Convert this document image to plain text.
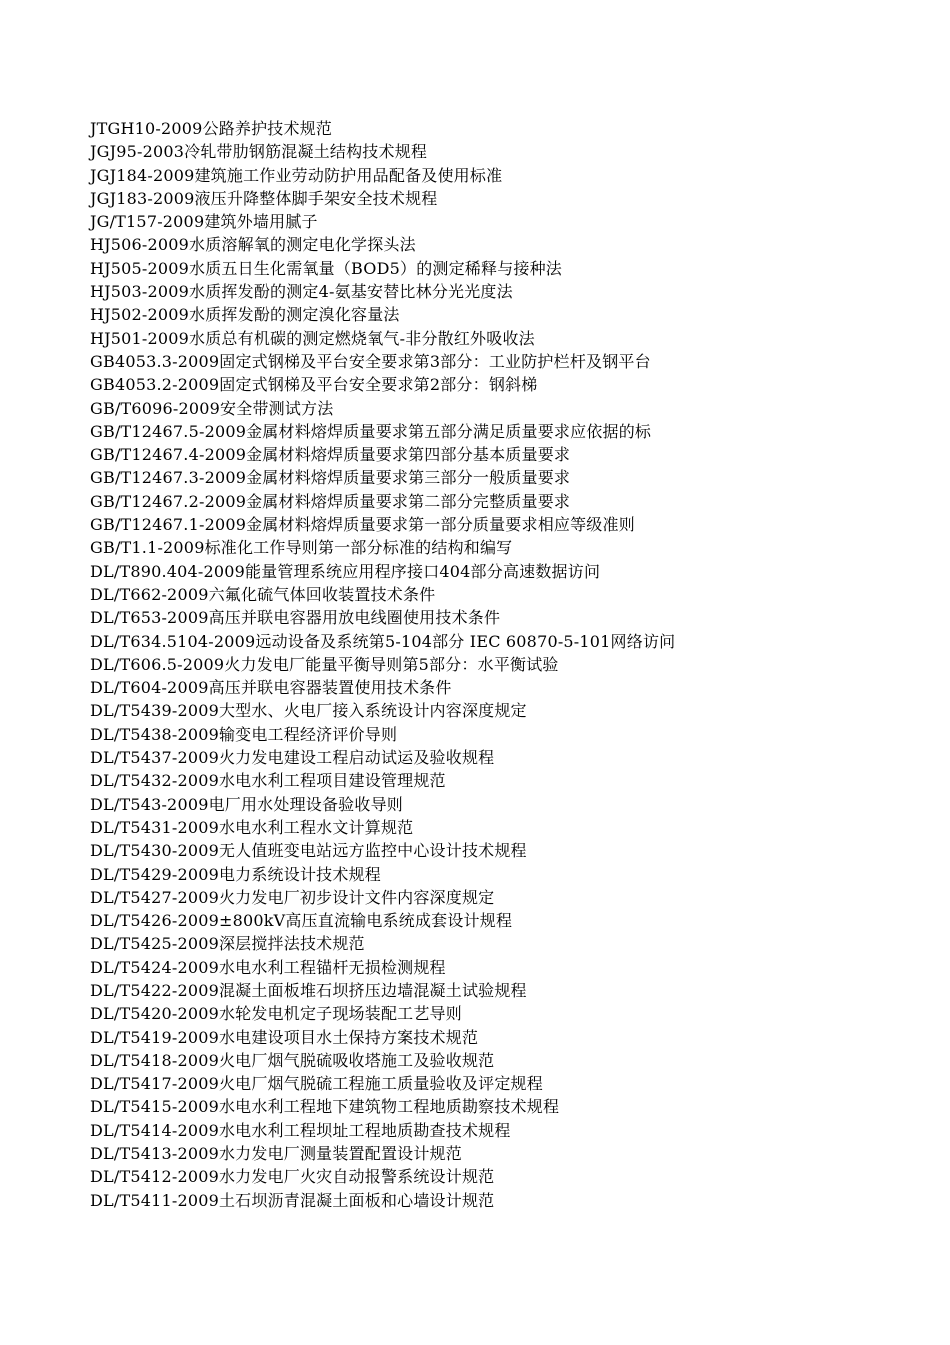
JTGH10-2009公路养护技术规范
JGJ95-2003冷轧带肋钢筋混凝土结构技术规程
JGJ184-2009建筑施工作业劳动防护用品配备及使用标准
JGJ183-2009液压升降整体脚手架安全技术规程
JG/T157-2009建筑外墙用腻子
HJ506-2009水质溶解氧的测定电化学探头法
HJ505-2009水质五日生化需氧量（BOD5）的测定稀释与接种法
HJ503-2009水质挥发酚的测定4-氨基安替比林分光光度法
HJ502-2009水质挥发酚的测定溴化容量法
HJ501-2009水质总有机碳的测定燃烧氧气-非分散红外吸收法
GB4053.3-2009固定式钢梯及平台安全要求第3部分：工业防护栏杆及钢平台
GB4053.2-2009固定式钢梯及平台安全要求第2部分：钢斜梯
GB/T6096-2009安全带测试方法
GB/T12467.5-2009金属材料熔焊质量要求第五部分满足质量要求应依据的标
GB/T12467.4-2009金属材料熔焊质量要求第四部分基本质量要求
GB/T12467.3-2009金属材料熔焊质量要求第三部分一般质量要求
GB/T12467.2-2009金属材料熔焊质量要求第二部分完整质量要求
GB/T12467.1-2009金属材料熔焊质量要求第一部分质量要求相应等级准则
GB/T1.1-2009标准化工作导则第一部分标准的结构和编写
DL/T890.404-2009能量管理系统应用程序接口404部分高速数据访问
DL/T662-2009六氟化硫气体回收装置技术条件
DL/T653-2009高压并联电容器用放电线圈使用技术条件
DL/T634.5104-2009远动设备及系统第5-104部分 IEC 60870-5-101网络访问
DL/T606.5-2009火力发电厂能量平衡导则第5部分：水平衡试验
DL/T604-2009高压并联电容器装置使用技术条件
DL/T5439-2009大型水、火电厂接入系统设计内容深度规定
DL/T5438-2009输变电工程经济评价导则
DL/T5437-2009火力发电建设工程启动试运及验收规程
DL/T5432-2009水电水利工程项目建设管理规范
DL/T543-2009电厂用水处理设备验收导则
DL/T5431-2009水电水利工程水文计算规范
DL/T5430-2009无人值班变电站远方监控中心设计技术规程
DL/T5429-2009电力系统设计技术规程
DL/T5427-2009火力发电厂初步设计文件内容深度规定
DL/T5426-2009±800kV高压直流输电系统成套设计规程
DL/T5425-2009深层搅拌法技术规范
DL/T5424-2009水电水利工程锚杆无损检测规程
DL/T5422-2009混凝土面板堆石坝挤压边墙混凝土试验规程
DL/T5420-2009水轮发电机定子现场装配工艺导则
DL/T5419-2009水电建设项目水土保持方案技术规范
DL/T5418-2009火电厂烟气脱硫吸收塔施工及验收规范
DL/T5417-2009火电厂烟气脱硫工程施工质量验收及评定规程
DL/T5415-2009水电水利工程地下建筑物工程地质勘察技术规程
DL/T5414-2009水电水利工程坝址工程地质勘查技术规程
DL/T5413-2009水力发电厂测量装置配置设计规范
DL/T5412-2009水力发电厂火灾自动报警系统设计规范
DL/T5411-2009土石坝沥青混凝土面板和心墙设计规范
